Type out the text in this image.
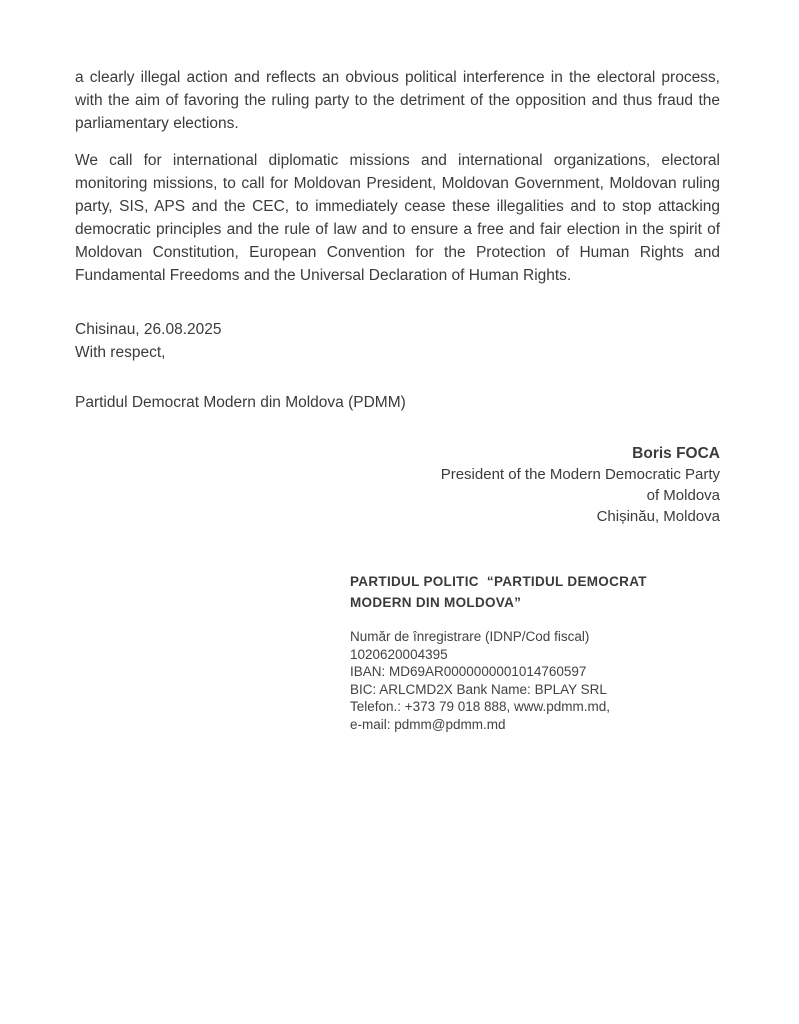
a clearly illegal action and reflects an obvious political interference in the electoral process, with the aim of favoring the ruling party to the detriment of the opposition and thus fraud the parliamentary elections.

We call for international diplomatic missions and international organizations, electoral monitoring missions, to call for Moldovan President, Moldovan Government, Moldovan ruling party, SIS, APS and the CEC, to immediately cease these illegalities and to stop attacking democratic principles and the rule of law and to ensure a free and fair election in the spirit of Moldovan Constitution, European Convention for the Protection of Human Rights and Fundamental Freedoms and the Universal Declaration of Human Rights.

Chisinau, 26.08.2025
With respect,
Partidul Democrat Modern din Moldova (PDMM)
Boris FOCA
President of the Modern Democratic Party
of Moldova
Chișinău, Moldova

PARTIDUL POLITIC  “PARTIDUL DEMOCRAT MODERN DIN MOLDOVA”

Număr de înregistrare (IDNP/Cod fiscal)
1020620004395
IBAN: MD69AR0000000001014760597
BIC: ARLCMD2X Bank Name: BPLAY SRL
Telefon.: +373 79 018 888, www.pdmm.md,
e-mail: pdmm@pdmm.md
